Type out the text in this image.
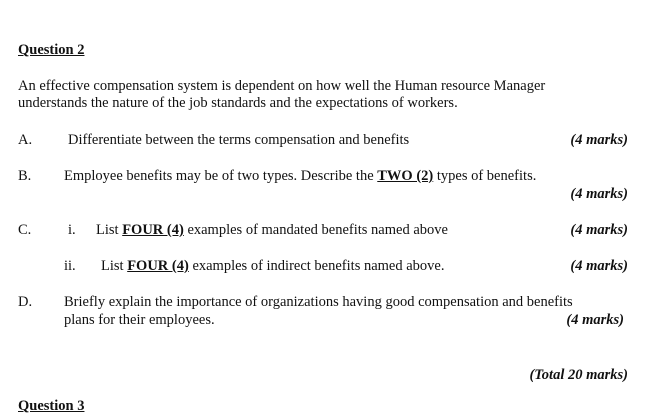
Question 2
An effective compensation system is dependent on how well the Human resource Manager
understands the nature of the job standards and the expectations of workers.
A. Differentiate between the terms compensation and benefits	(4 marks)
B. Employee benefits may be of two types. Describe the TWO (2) types of benefits.
(4 marks)
C.	i. List FOUR (4) examples of mandated benefits named above	(4 marks)
ii. List FOUR (4) examples of indirect benefits named above.	(4 marks)
D. Briefly explain the importance of organizations having good compensation and benefits
plans for their employees.	(4 marks)
(Total 20 marks)
Question 3
